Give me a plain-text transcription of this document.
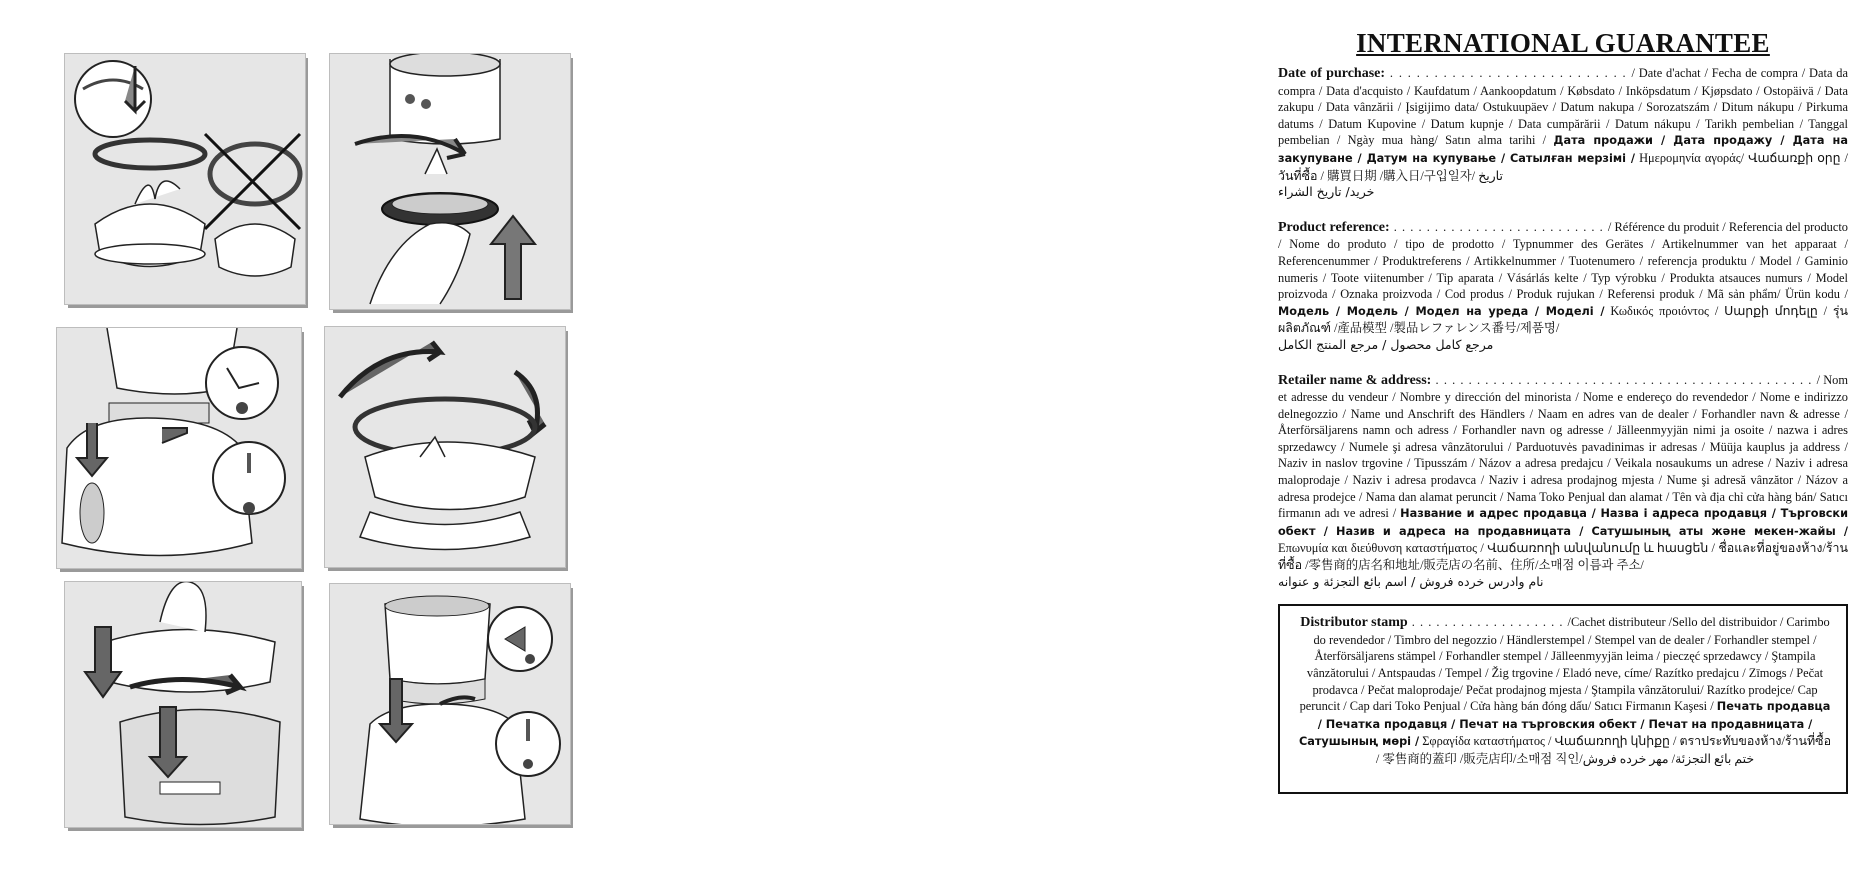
INTERNATIONAL GUARANTEE
Date of purchase: . . . . . . . . . . . . . . . . . . . . . . . . . . . / Date d'achat / Fecha de compra / Data da compra / Data d'acquisto / Kaufdatum / Aankoopdatum / Købsdato / Inköpsdatum / Kjøpsdato / Ostopäivä / Data zakupu / Data vânzării / Įsigijimo data/ Ostukuupäev / Datum nakupa / Sorozatszám / Ditum nákupu / Pirkuma datums / Datum Kupovine / Datum kupnje / Data cumpărării / Datum nákupu / Tarikh pembelian / Tanggal pembelian / Ngày mua hàng/ Satın alma tarihi / Дата продажи / Дата продажу / Дата на закупуване / Датум на купување / Сатылған мерзімі / Ημερομηνία αγοράς/ Վաճառքի օրը /วันที่ซื้อ / 購買日期 /購入日/구입일자/ تاريخ
خريد/ تاريخ الشراء
Product reference: . . . . . . . . . . . . . . . . . . . . . . . . . . / Référence du produit / Referencia del producto / Nome do produto / tipo de prodotto / Typnummer des Gerätes / Artikelnummer van het apparaat / Referencenummer / Produktreferens / Artikkelnummer / Tuotenumero / referencja produktu / Model / Gaminio numeris / Toote viitenumber / Tip aparata / Vásárlás kelte / Typ výrobku / Produkta atsauces numurs / Model proizvoda / Oznaka proizvoda / Cod produs / Produk rujukan / Referensi produk / Mã sản phẩm/ Ürün kodu / Модель / Модель / Модел на уреда / Моделі / Κωδικός προιόντος / Սարքի մոդելը / รุ่นผลิตภัณฑ์ /產品模型 /製品レファレンス番号/제품명/
مرجع كامل محصول / مرجع المنتج الكامل
Retailer name & address: . . . . . . . . . . . . . . . . . . . . . . . . . . . . . . . . . . . . . . . . . . . . . . / Nom et adresse du vendeur / Nombre y dirección del minorista / Nome e endereço do revendedor / Nome e indirizzo delnegozzio / Name und Anschrift des Händlers / Naam en adres van de dealer / Forhandler navn & adresse / Återförsäljarens namn och adress / Forhandler navn og adresse / Jälleenmyyjän nimi ja osoite / nazwa i adres sprzedawcy / Numele şi adresa vânzătorului / Parduotuvės pavadinimas ir adresas / Müüja kauplus ja address / Naziv in naslov trgovine / Tipusszám / Názov a adresa predajcu / Veikala nosaukums un adrese / Naziv i adresa maloprodaje / Naziv i adresa prodavca / Naziv i adresa prodajnog mjesta / Nume şi adresă vânzător / Názov a adresa prodejce / Nama dan alamat peruncit / Nama Toko Penjual dan alamat / Tên và địa chỉ cửa hàng bán/ Satıcı firmanın adı ve adresi / Название и адрес продавца / Назва і адреса продавця / Търговски обект / Назив и адреса на продавницата / Сатушының аты және мекен-жайы / Επωνυμία και διεύθυνση καταστήματος / Վաճառողի անվանումը և հասցեն / ชื่อและที่อยู่ของห้าง/ร้านที่ซื้อ /零售商的店名和地址/販売店の名前、住所/소매점 이름과 주소/
نام وادرس خرده فروش / اسم بائع التجزئة و عنوانه
Distributor stamp . . . . . . . . . . . . . . . . . . . /Cachet distributeur /Sello del distribuidor / Carimbo do revendedor / Timbro del negozzio / Händlerstempel / Stempel van de dealer / Forhandler stempel / Återförsäljarens stämpel / Forhandler stempel / Jälleenmyyjän leima / pieczęć sprzedawcy / Ştampila vânzătorului / Antspaudas / Tempel / Žig trgovine / Eladó neve, címe/ Razítko predajcu / Zīmogs / Pečat prodavca / Pečat maloprodaje/ Pečat prodajnog mjesta / Ştampila vânzătorului/ Razítko prodejce/ Cap peruncit / Cap dari Toko Penjual / Cửa hàng bán đóng dấu/ Satıcı Firmanın Kaşesi / Печать продавца / Печатка продавця / Печат на търговския обект / Печат на продавницата / Сатушының мөрі / Σφραγίδα καταστήματος / Վաճառողի կնիքը / ตราประทับของห้าง/ร้านที่ซื้อ / 零售商的蓋印 /販売店印/소매점 직인/ختم بائع التجزئة/ مهر خرده فروش
